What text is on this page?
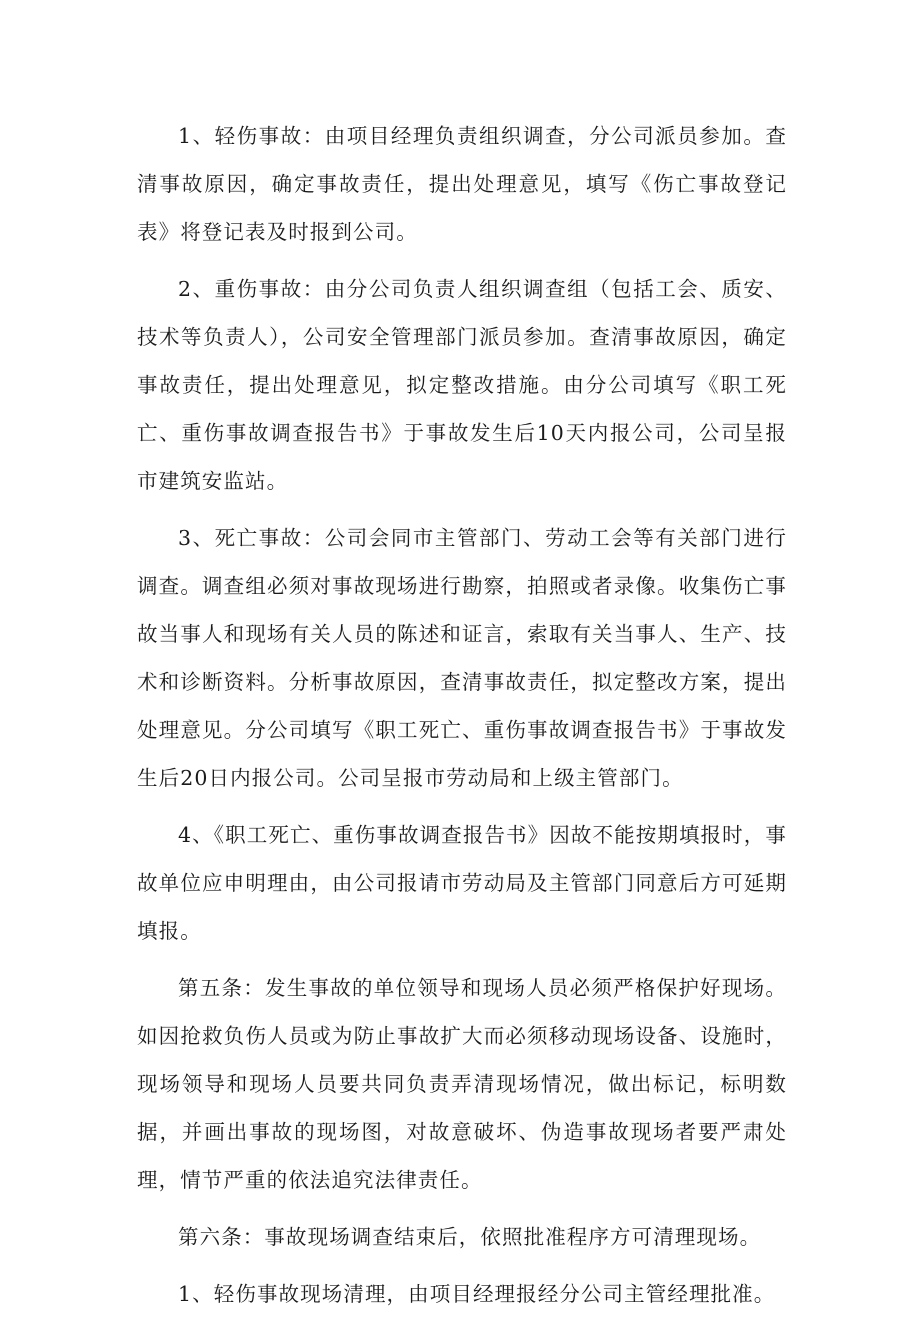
1、轻伤事故：由项目经理负责组织调查，分公司派员参加。查清事故原因，确定事故责任，提出处理意见，填写《伤亡事故登记表》将登记表及时报到公司。

2、重伤事故：由分公司负责人组织调查组（包括工会、质安、技术等负责人），公司安全管理部门派员参加。查清事故原因，确定事故责任，提出处理意见，拟定整改措施。由分公司填写《职工死亡、重伤事故调查报告书》于事故发生后10天内报公司，公司呈报市建筑安监站。

3、死亡事故：公司会同市主管部门、劳动工会等有关部门进行调查。调查组必须对事故现场进行勘察，拍照或者录像。收集伤亡事故当事人和现场有关人员的陈述和证言，索取有关当事人、生产、技术和诊断资料。分析事故原因，查清事故责任，拟定整改方案，提出处理意见。分公司填写《职工死亡、重伤事故调查报告书》于事故发生后20日内报公司。公司呈报市劳动局和上级主管部门。

4、《职工死亡、重伤事故调查报告书》因故不能按期填报时，事故单位应申明理由，由公司报请市劳动局及主管部门同意后方可延期填报。

第五条：发生事故的单位领导和现场人员必须严格保护好现场。如因抢救负伤人员或为防止事故扩大而必须移动现场设备、设施时，现场领导和现场人员要共同负责弄清现场情况，做出标记，标明数据，并画出事故的现场图，对故意破坏、伪造事故现场者要严肃处理，情节严重的依法追究法律责任。

第六条：事故现场调查结束后，依照批准程序方可清理现场。

1、轻伤事故现场清理，由项目经理报经分公司主管经理批准。
